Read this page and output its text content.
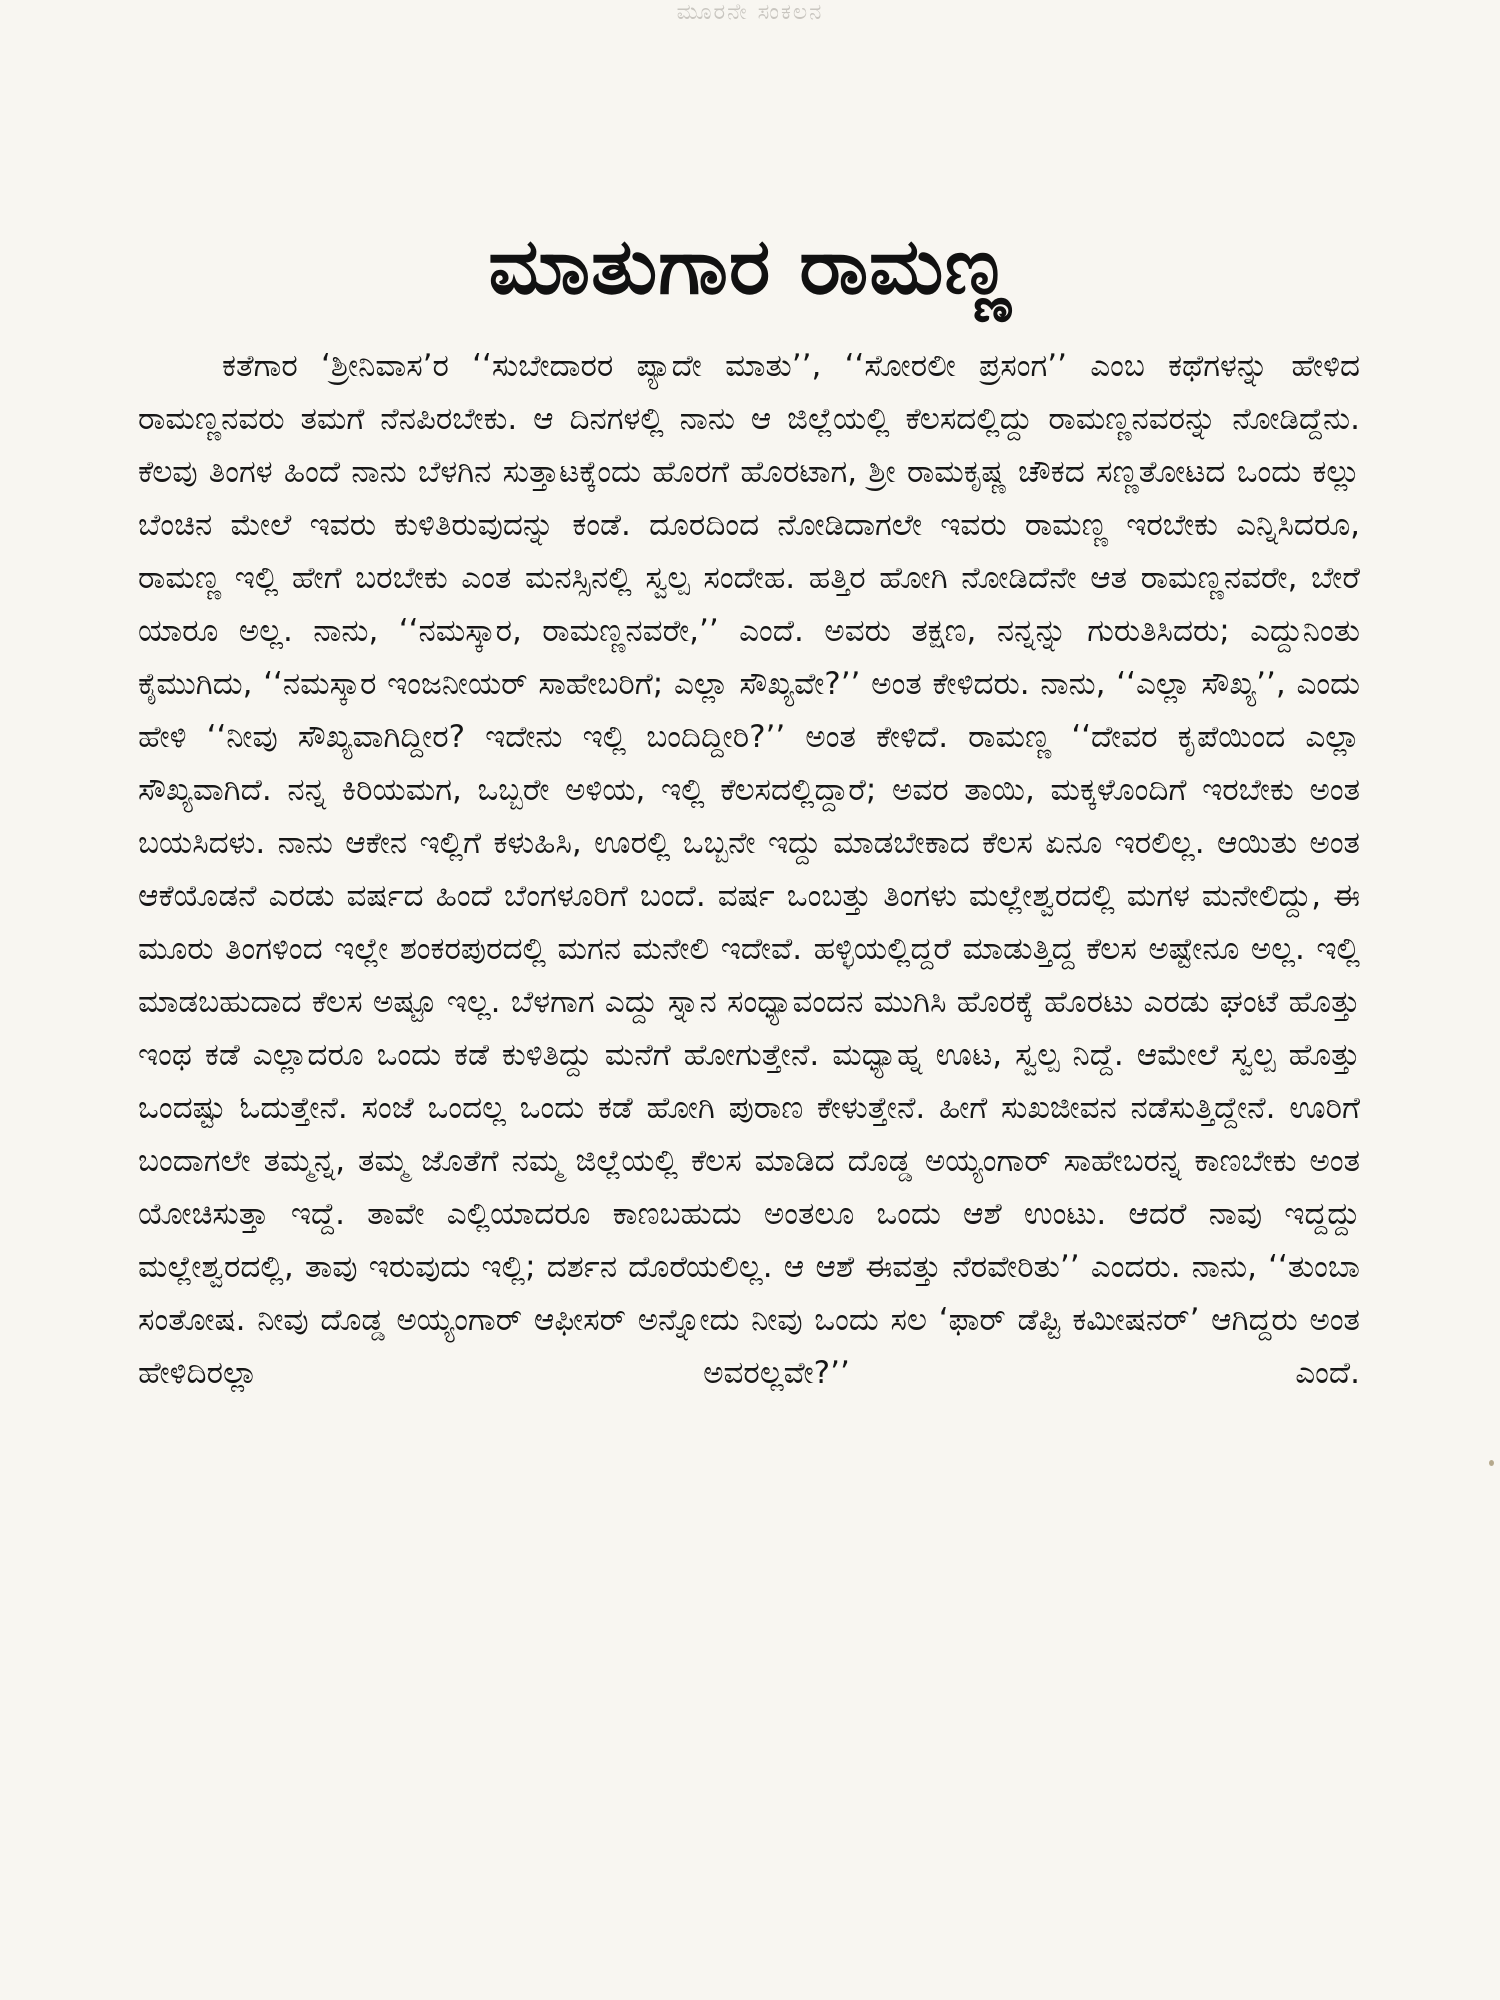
ಮೂರನೇ ಸಂಕಲನ
ಮಾತುಗಾರ ರಾಮಣ್ಣ

ಕತೆಗಾರ ‘ಶ್ರೀನಿವಾಸ’ರ ‘‘ಸುಬೇದಾರರ ಪ್ಯಾದೇ ಮಾತು’’, ‘‘ಸೋರಲೀ ಪ್ರಸಂಗ’’ ಎಂಬ ಕಥೆಗಳನ್ನು ಹೇಳಿದ ರಾಮಣ್ಣನವರು ತಮಗೆ ನೆನಪಿರಬೇಕು. ಆ ದಿನಗಳಲ್ಲಿ ನಾನು ಆ ಜಿಲ್ಲೆಯಲ್ಲಿ ಕೆಲಸದಲ್ಲಿದ್ದು ರಾಮಣ್ಣನವರನ್ನು ನೋಡಿದ್ದೆನು. ಕೆಲವು ತಿಂಗಳ ಹಿಂದೆ ನಾನು ಬೆಳಗಿನ ಸುತ್ತಾಟಕ್ಕೆಂದು ಹೊರಗೆ ಹೊರಟಾಗ, ಶ್ರೀ ರಾಮಕೃಷ್ಣ ಚೌಕದ ಸಣ್ಣತೋಟದ ಒಂದು ಕಲ್ಲು ಬೆಂಚಿನ ಮೇಲೆ ಇವರು ಕುಳಿತಿರುವುದನ್ನು ಕಂಡೆ. ದೂರದಿಂದ ನೋಡಿದಾಗಲೇ ಇವರು ರಾಮಣ್ಣ ಇರಬೇಕು ಎನ್ನಿಸಿದರೂ, ರಾಮಣ್ಣ ಇಲ್ಲಿ ಹೇಗೆ ಬರಬೇಕು ಎಂತ ಮನಸ್ಸಿನಲ್ಲಿ ಸ್ವಲ್ಪ ಸಂದೇಹ. ಹತ್ತಿರ ಹೋಗಿ ನೋಡಿದೆನೇ ಆತ ರಾಮಣ್ಣನವರೇ, ಬೇರೆ ಯಾರೂ ಅಲ್ಲ. ನಾನು, ‘‘ನಮಸ್ಕಾರ, ರಾಮಣ್ಣನವರೇ,’’ ಎಂದೆ. ಅವರು ತಕ್ಷಣ, ನನ್ನನ್ನು ಗುರುತಿಸಿದರು; ಎದ್ದುನಿಂತು ಕೈಮುಗಿದು, ‘‘ನಮಸ್ಕಾರ ಇಂಜನೀಯರ್ ಸಾಹೇಬರಿಗೆ; ಎಲ್ಲಾ ಸೌಖ್ಯವೇ?’’ ಅಂತ ಕೇಳಿದರು. ನಾನು, ‘‘ಎಲ್ಲಾ ಸೌಖ್ಯ’’, ಎಂದು ಹೇಳಿ ‘‘ನೀವು ಸೌಖ್ಯವಾಗಿದ್ದೀರ? ಇದೇನು ಇಲ್ಲಿ ಬಂದಿದ್ದೀರಿ?’’ ಅಂತ ಕೇಳಿದೆ. ರಾಮಣ್ಣ ‘‘ದೇವರ ಕೃಪೆಯಿಂದ ಎಲ್ಲಾ ಸೌಖ್ಯವಾಗಿದೆ. ನನ್ನ ಕಿರಿಯಮಗ, ಒಬ್ಬರೇ ಅಳಿಯ, ಇಲ್ಲಿ ಕೆಲಸದಲ್ಲಿದ್ದಾರೆ; ಅವರ ತಾಯಿ, ಮಕ್ಕಳೊಂದಿಗೆ ಇರಬೇಕು ಅಂತ ಬಯಸಿದಳು. ನಾನು ಆಕೇನ ಇಲ್ಲಿಗೆ ಕಳುಹಿಸಿ, ಊರಲ್ಲಿ ಒಬ್ಬನೇ ಇದ್ದು ಮಾಡಬೇಕಾದ ಕೆಲಸ ಏನೂ ಇರಲಿಲ್ಲ. ಆಯಿತು ಅಂತ ಆಕೆಯೊಡನೆ ಎರಡು ವರ್ಷದ ಹಿಂದೆ ಬೆಂಗಳೂರಿಗೆ ಬಂದೆ. ವರ್ಷ ಒಂಬತ್ತು ತಿಂಗಳು ಮಲ್ಲೇಶ್ವರದಲ್ಲಿ ಮಗಳ ಮನೇಲಿದ್ದು, ಈ ಮೂರು ತಿಂಗಳಿಂದ ಇಲ್ಲೇ ಶಂಕರಪುರದಲ್ಲಿ ಮಗನ ಮನೇಲಿ ಇದೇವೆ. ಹಳ್ಳಿಯಲ್ಲಿದ್ದರೆ ಮಾಡುತ್ತಿದ್ದ ಕೆಲಸ ಅಷ್ಟೇನೂ ಅಲ್ಲ. ಇಲ್ಲಿ ಮಾಡಬಹುದಾದ ಕೆಲಸ ಅಷ್ಟೂ ಇಲ್ಲ. ಬೆಳಗಾಗ ಎದ್ದು ಸ್ನಾನ ಸಂಧ್ಯಾವಂದನ ಮುಗಿಸಿ ಹೊರಕ್ಕೆ ಹೊರಟು ಎರಡು ಘಂಟೆ ಹೊತ್ತು ಇಂಥ ಕಡೆ ಎಲ್ಲಾದರೂ ಒಂದು ಕಡೆ ಕುಳಿತಿದ್ದು ಮನೆಗೆ ಹೋಗುತ್ತೇನೆ. ಮಧ್ಯಾಹ್ನ ಊಟ, ಸ್ವಲ್ಪ ನಿದ್ದೆ. ಆಮೇಲೆ ಸ್ವಲ್ಪ ಹೊತ್ತು ಒಂದಷ್ಟು ಓದುತ್ತೇನೆ. ಸಂಜೆ ಒಂದಲ್ಲ ಒಂದು ಕಡೆ ಹೋಗಿ ಪುರಾಣ ಕೇಳುತ್ತೇನೆ. ಹೀಗೆ ಸುಖಜೀವನ ನಡೆಸುತ್ತಿದ್ದೇನೆ. ಊರಿಗೆ ಬಂದಾಗಲೇ ತಮ್ಮನ್ನ, ತಮ್ಮ ಜೊತೆಗೆ ನಮ್ಮ ಜಿಲ್ಲೆಯಲ್ಲಿ ಕೆಲಸ ಮಾಡಿದ ದೊಡ್ಡ ಅಯ್ಯಂಗಾರ್ ಸಾಹೇಬರನ್ನ ಕಾಣಬೇಕು ಅಂತ ಯೋಚಿಸುತ್ತಾ ಇದ್ದೆ. ತಾವೇ ಎಲ್ಲಿಯಾದರೂ ಕಾಣಬಹುದು ಅಂತಲೂ ಒಂದು ಆಶೆ ಉಂಟು. ಆದರೆ ನಾವು ಇದ್ದದ್ದು ಮಲ್ಲೇಶ್ವರದಲ್ಲಿ, ತಾವು ಇರುವುದು ಇಲ್ಲಿ; ದರ್ಶನ ದೊರೆಯಲಿಲ್ಲ. ಆ ಆಶೆ ಈವತ್ತು ನೆರವೇರಿತು’’ ಎಂದರು. ನಾನು, ‘‘ತುಂಬಾ ಸಂತೋಷ. ನೀವು ದೊಡ್ಡ ಅಯ್ಯಂಗಾರ್ ಆಫೀಸರ್ ಅನ್ನೋದು ನೀವು ಒಂದು ಸಲ ‘ಫಾರ್ ಡೆಪ್ಟಿ ಕಮೀಷನರ್’ ಆಗಿದ್ದರು ಅಂತ ಹೇಳಿದಿರಲ್ಲಾ ಅವರಲ್ಲವೇ?’’ ಎಂದೆ.
